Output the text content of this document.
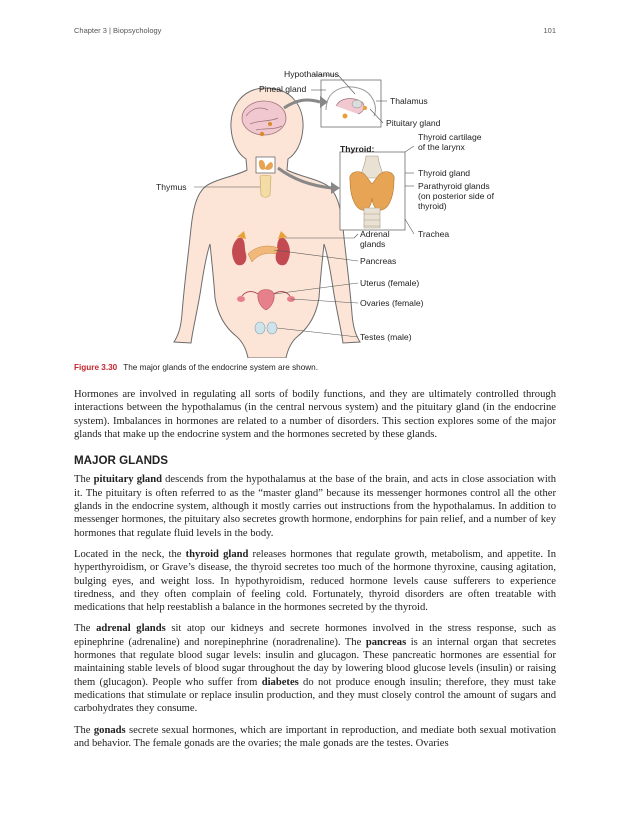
Chapter 3 | Biopsychology	101
Hypothalamus
Pineal gland
Thalamus
Pituitary gland
Thyroid:
Thyroid cartilage of the larynx
Thyroid gland
Parathyroid glands (on posterior side of thyroid)
Trachea
Thymus
Adrenal glands
Pancreas
Uterus (female)
Ovaries (female)
Testes (male)
Figure 3.30 The major glands of the endocrine system are shown.

Hormones are involved in regulating all sorts of bodily functions, and they are ultimately controlled through interactions between the hypothalamus (in the central nervous system) and the pituitary gland (in the endocrine system). Imbalances in hormones are related to a number of disorders. This section explores some of the major glands that make up the endocrine system and the hormones secreted by these glands.

MAJOR GLANDS

The pituitary gland descends from the hypothalamus at the base of the brain, and acts in close association with it. The pituitary is often referred to as the “master gland” because its messenger hormones control all the other glands in the endocrine system, although it mostly carries out instructions from the hypothalamus. In addition to messenger hormones, the pituitary also secretes growth hormone, endorphins for pain relief, and a number of key hormones that regulate fluid levels in the body.

Located in the neck, the thyroid gland releases hormones that regulate growth, metabolism, and appetite. In hyperthyroidism, or Grave’s disease, the thyroid secretes too much of the hormone thyroxine, causing agitation, bulging eyes, and weight loss. In hypothyroidism, reduced hormone levels cause sufferers to experience tiredness, and they often complain of feeling cold. Fortunately, thyroid disorders are often treatable with medications that help reestablish a balance in the hormones secreted by the thyroid.

The adrenal glands sit atop our kidneys and secrete hormones involved in the stress response, such as epinephrine (adrenaline) and norepinephrine (noradrenaline). The pancreas is an internal organ that secretes hormones that regulate blood sugar levels: insulin and glucagon. These pancreatic hormones are essential for maintaining stable levels of blood sugar throughout the day by lowering blood glucose levels (insulin) or raising them (glucagon). People who suffer from diabetes do not produce enough insulin; therefore, they must take medications that stimulate or replace insulin production, and they must closely control the amount of sugars and carbohydrates they consume.

The gonads secrete sexual hormones, which are important in reproduction, and mediate both sexual motivation and behavior. The female gonads are the ovaries; the male gonads are the testes. Ovaries
